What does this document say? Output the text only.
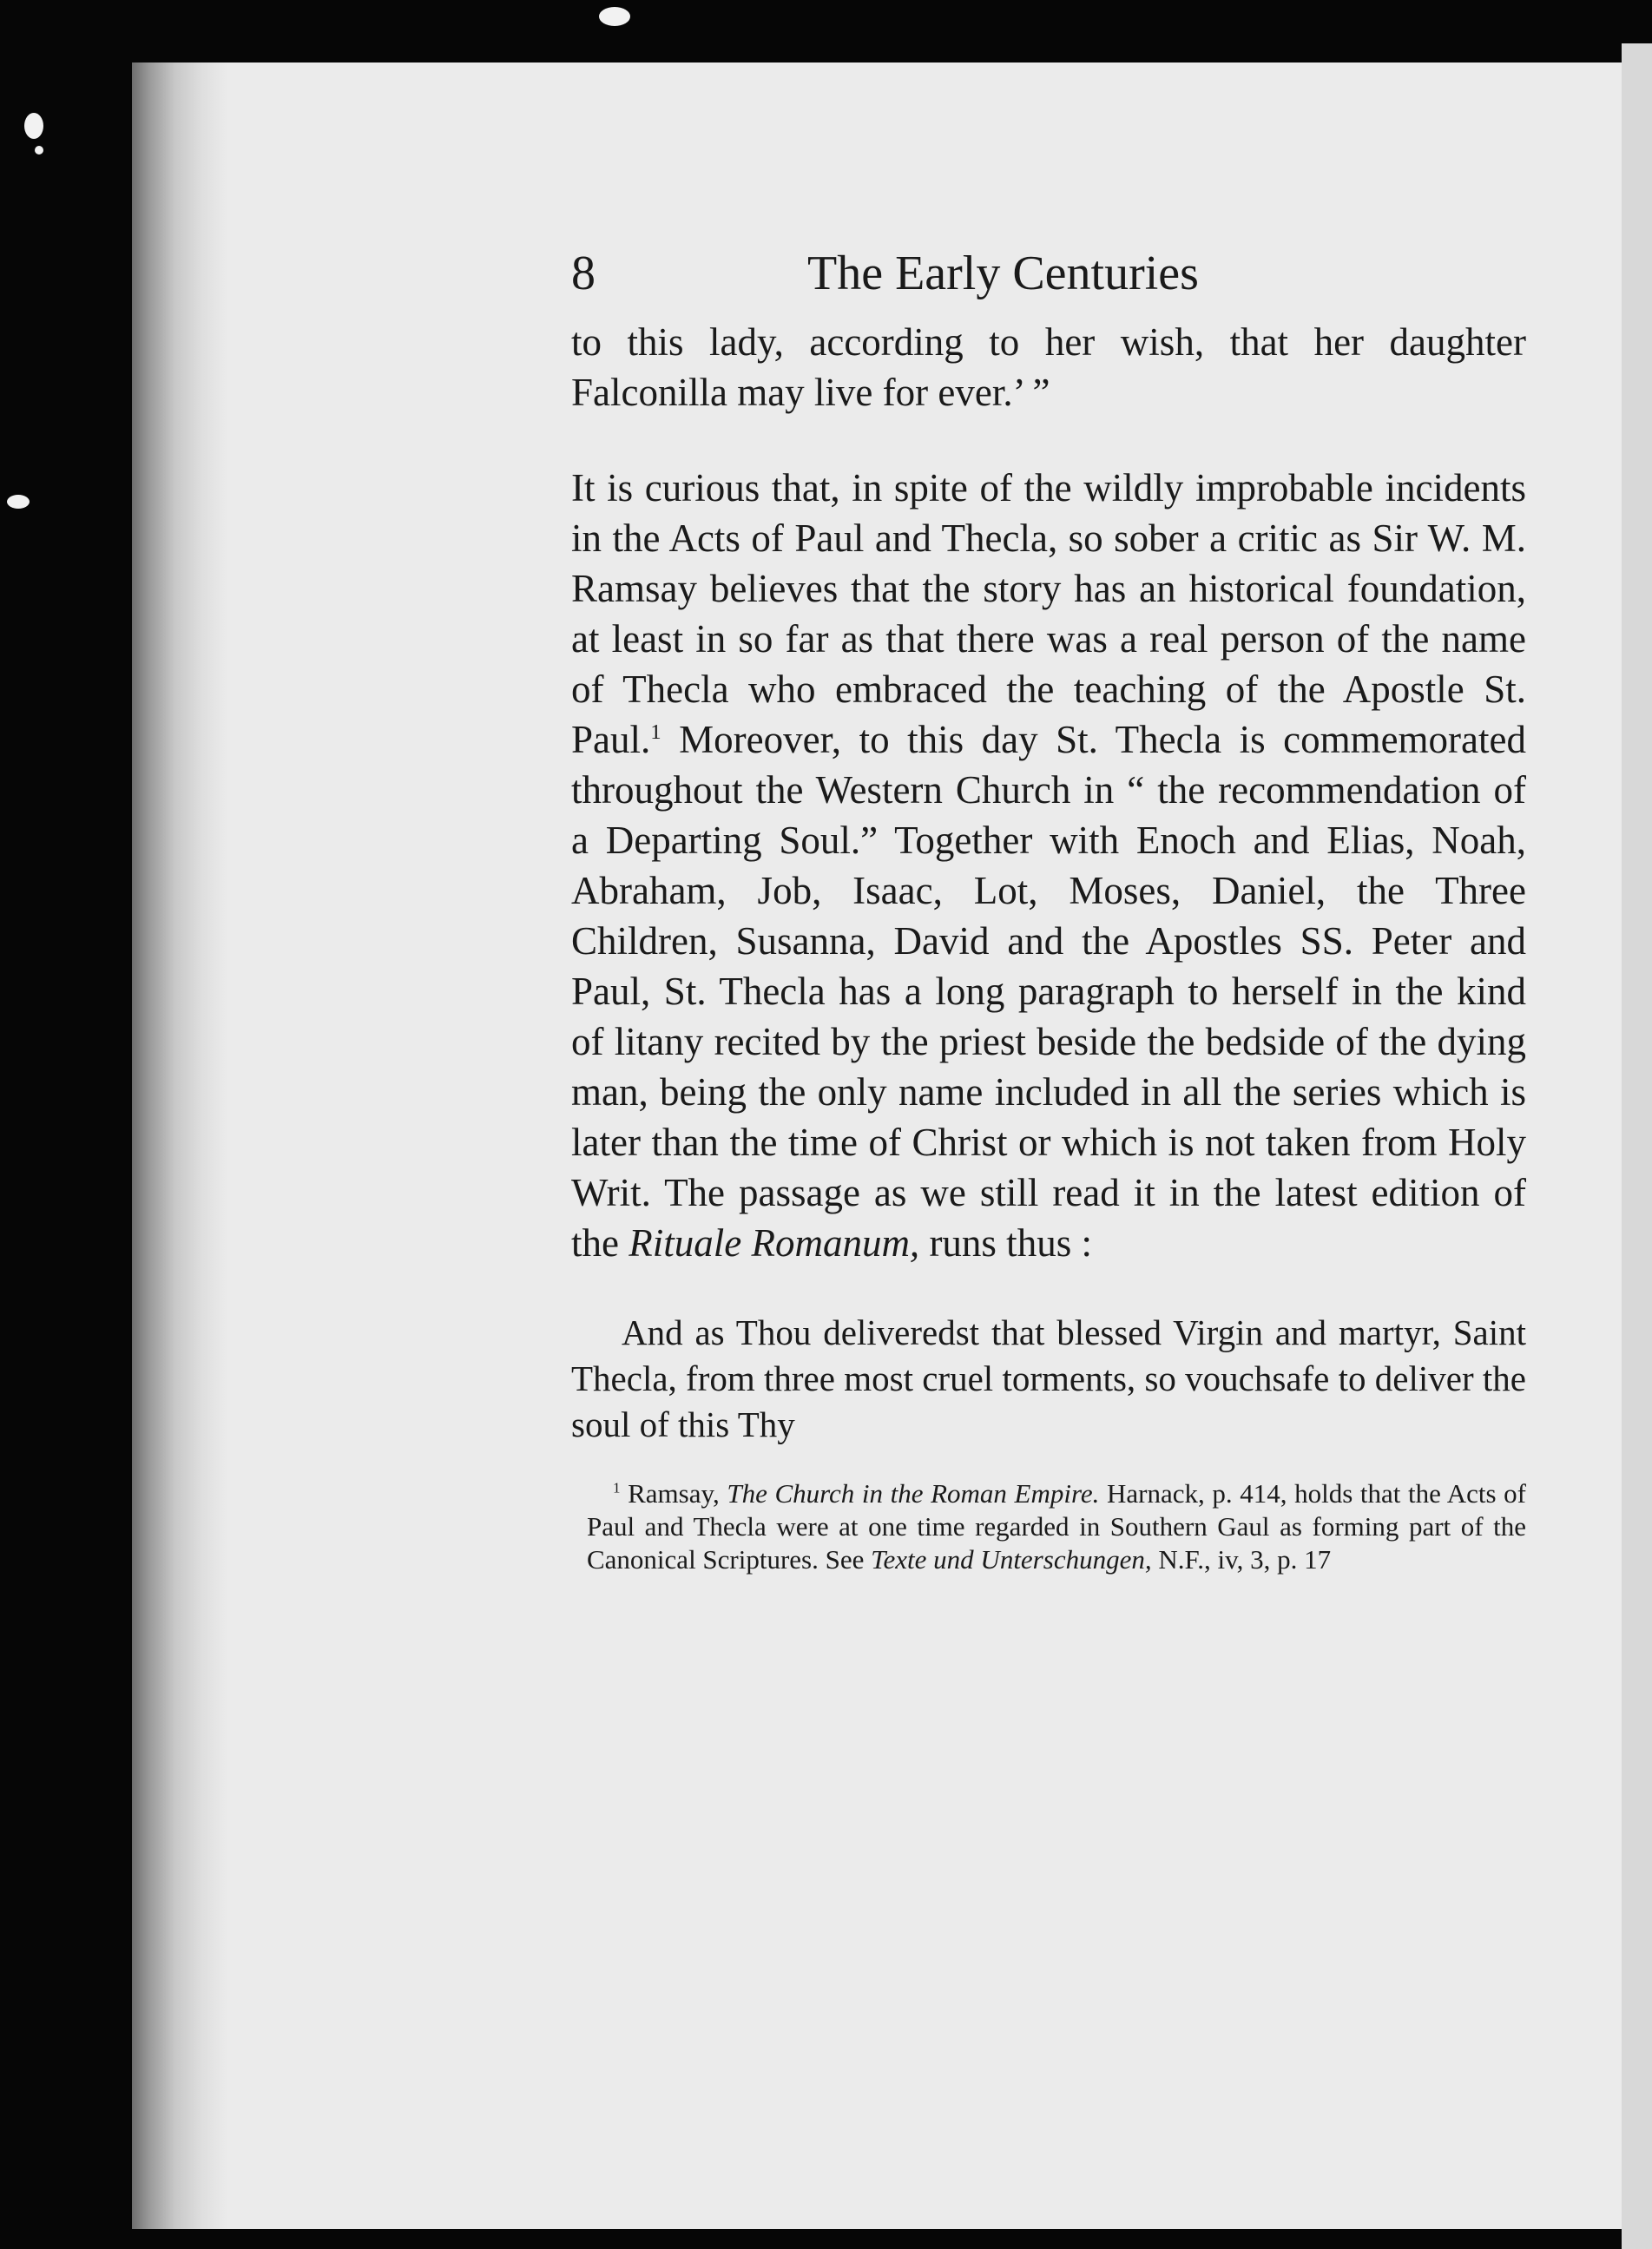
8	The Early Centuries

to this lady, according to her wish, that her daughter Falconilla may live for ever.’ ”

It is curious that, in spite of the wildly improbable incidents in the Acts of Paul and Thecla, so sober a critic as Sir W. M. Ramsay believes that the story has an historical foundation, at least in so far as that there was a real person of the name of Thecla who embraced the teaching of the Apostle St. Paul.$^1$ Moreover, to this day St. Thecla is commemorated throughout the Western Church in “ the recommendation of a Departing Soul.” Together with Enoch and Elias, Noah, Abraham, Job, Isaac, Lot, Moses, Daniel, the Three Children, Susanna, David and the Apostles SS. Peter and Paul, St. Thecla has a long paragraph to herself in the kind of litany recited by the priest beside the bedside of the dying man, being the only name included in all the series which is later than the time of Christ or which is not taken from Holy Writ. The passage as we still read it in the latest edition of the Rituale Romanum, runs thus :

And as Thou deliveredst that blessed Virgin and martyr, Saint Thecla, from three most cruel torments, so vouchsafe to deliver the soul of this Thy

$^1$ Ramsay, The Church in the Roman Empire. Harnack, p. 414, holds that the Acts of Paul and Thecla were at one time regarded in Southern Gaul as forming part of the Canonical Scriptures. See Texte und Unterschungen, N.F., iv, 3, p. 17
